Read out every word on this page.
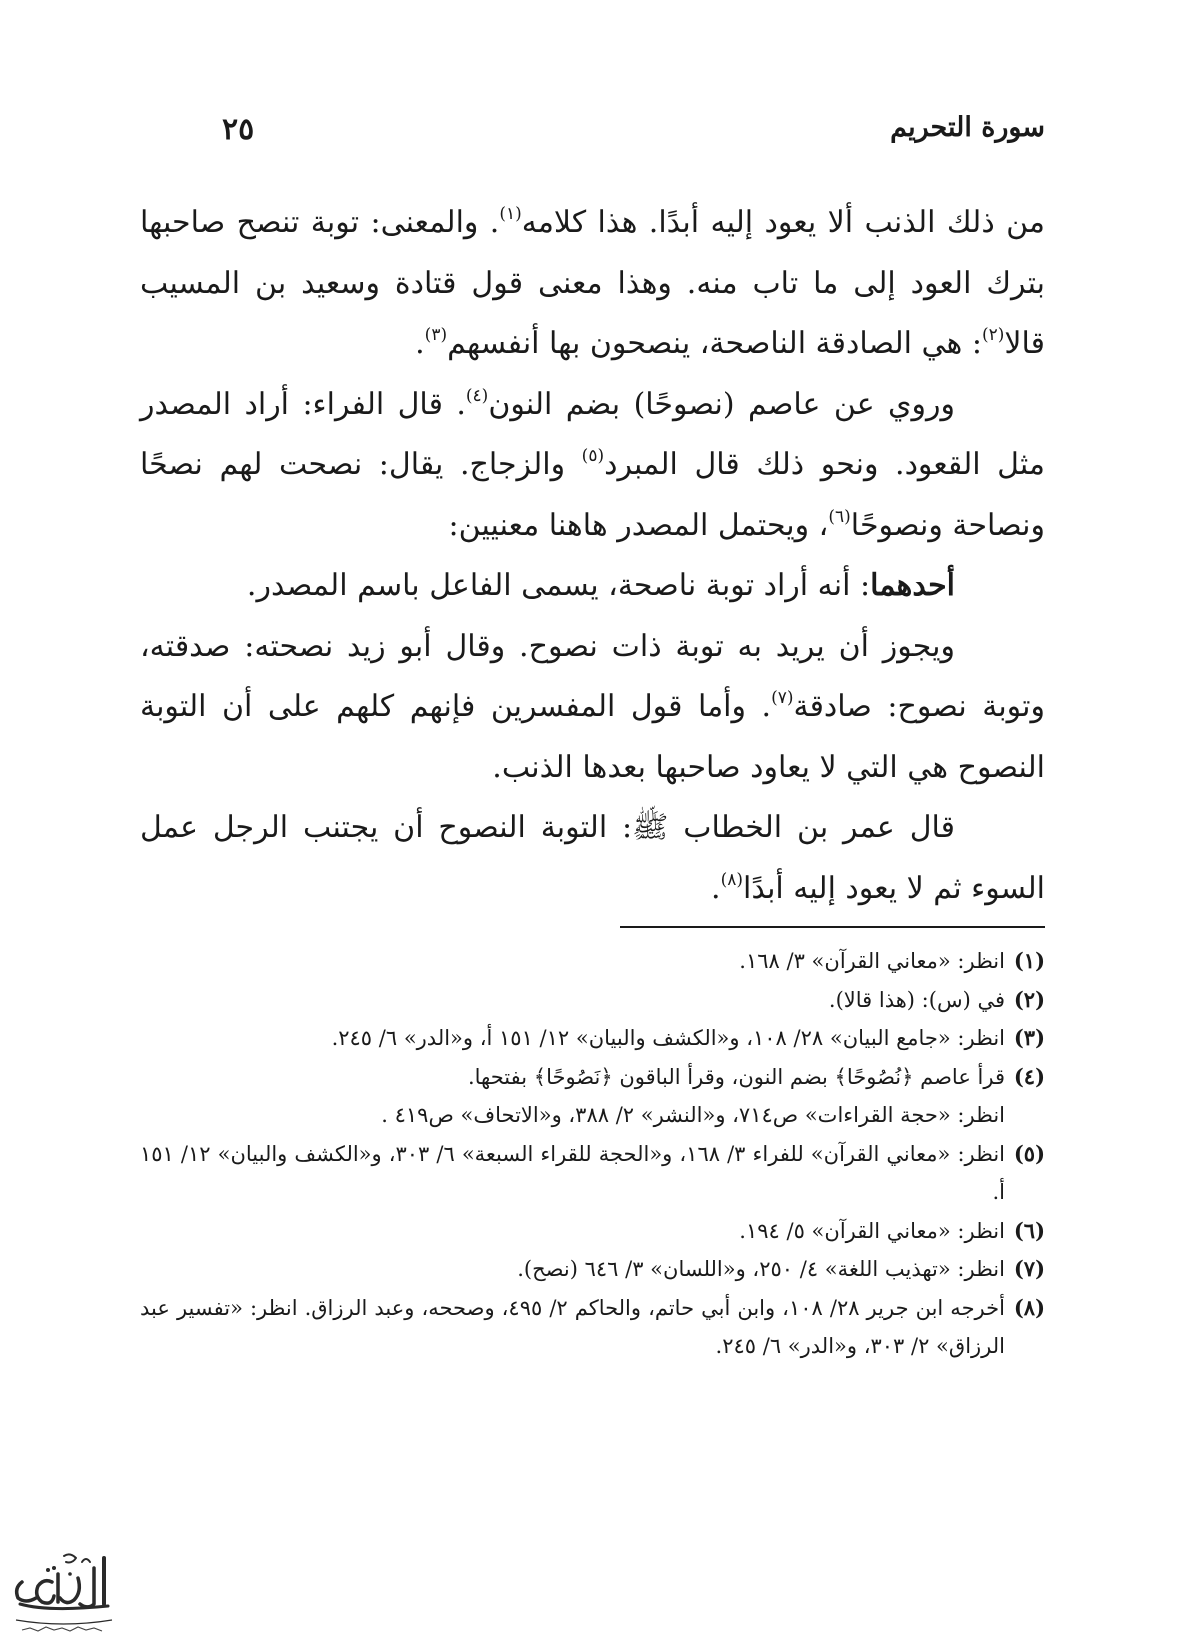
سورة التحريم
٢٥

من ذلك الذنب ألا يعود إليه أبدًا. هذا كلامه$^{(١)}$. والمعنى: توبة تنصح صاحبها بترك العود إلى ما تاب منه. وهذا معنى قول قتادة وسعيد بن المسيب قالا$^{(٢)}$: هي الصادقة الناصحة، ينصحون بها أنفسهم$^{(٣)}$.

وروي عن عاصم (نصوحًا) بضم النون$^{(٤)}$. قال الفراء: أراد المصدر مثل القعود. ونحو ذلك قال المبرد$^{(٥)}$ والزجاج. يقال: نصحت لهم نصحًا ونصاحة ونصوحًا$^{(٦)}$، ويحتمل المصدر هاهنا معنيين:

أحدهما: أنه أراد توبة ناصحة، يسمى الفاعل باسم المصدر.

ويجوز أن يريد به توبة ذات نصوح. وقال أبو زيد نصحته: صدقته، وتوبة نصوح: صادقة$^{(٧)}$. وأما قول المفسرين فإنهم كلهم على أن التوبة النصوح هي التي لا يعاود صاحبها بعدها الذنب.

قال عمر بن الخطاب ﷺ: التوبة النصوح أن يجتنب الرجل عمل السوء ثم لا يعود إليه أبدًا$^{(٨)}$.

(١)
انظر: «معاني القرآن» ٣/ ١٦٨.
(٢)
في (س): (هذا قالا).
(٣)
انظر: «جامع البيان» ٢٨/ ١٠٨، و«الكشف والبيان» ١٢/ ١٥١ أ، و«الدر» ٦/ ٢٤٥.
(٤)
قرأ عاصم ﴿نُصُوحًا﴾ بضم النون، وقرأ الباقون ﴿نَصُوحًا﴾ بفتحها.

انظر: «حجة القراءات» ص٧١٤، و«النشر» ٢/ ٣٨٨، و«الاتحاف» ص٤١٩ .

(٥)
انظر: «معاني القرآن» للفراء ٣/ ١٦٨، و«الحجة للقراء السبعة» ٦/ ٣٠٣، و«الكشف والبيان» ١٢/ ١٥١ أ.
(٦)
انظر: «معاني القرآن» ٥/ ١٩٤.
(٧)
انظر: «تهذيب اللغة» ٤/ ٢٥٠، و«اللسان» ٣/ ٦٤٦ (نصح).
(٨)
أخرجه ابن جرير ٢٨/ ١٠٨، وابن أبي حاتم، والحاكم ٢/ ٤٩٥، وصححه، وعبد الرزاق. انظر: «تفسير عبد الرزاق» ٢/ ٣٠٣، و«الدر» ٦/ ٢٤٥.
